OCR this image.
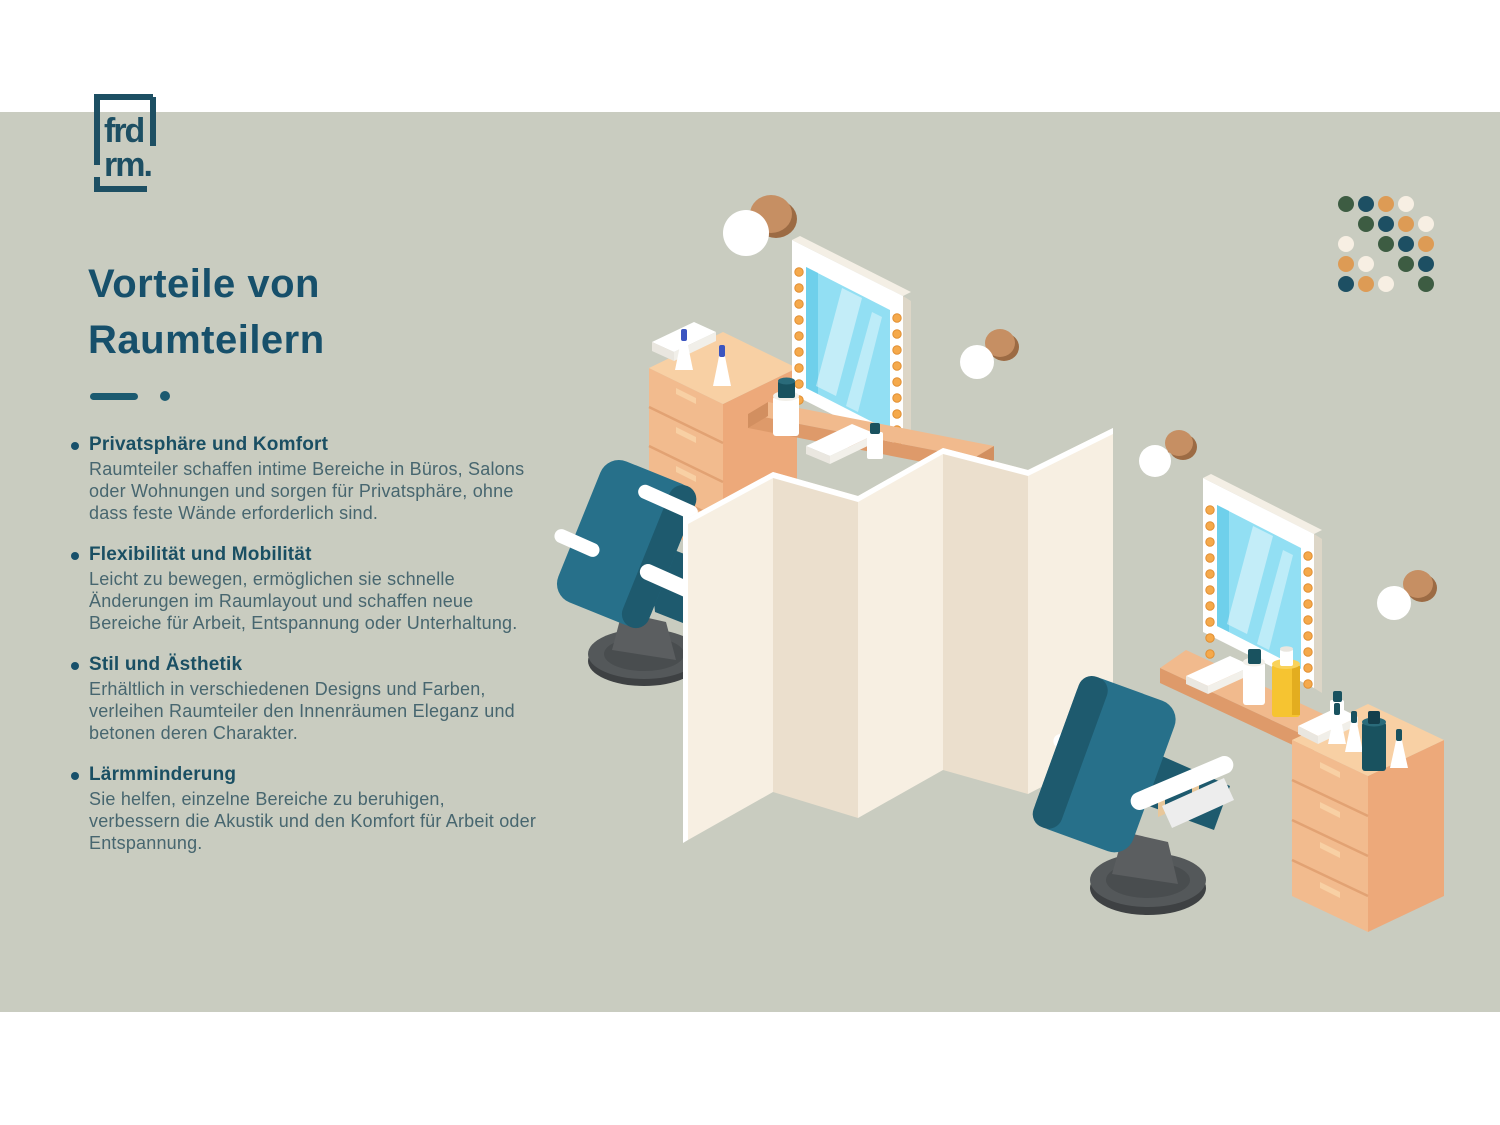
frd
rm.
Vorteile von
Raumteilern
Privatsphäre und Komfort

Raumteiler schaffen intime Bereiche in Büros, Salons oder Wohnungen und sorgen für Privatsphäre, ohne dass feste Wände erforderlich sind.

Flexibilität und Mobilität

Leicht zu bewegen, ermöglichen sie schnelle Änderungen im Raumlayout und schaffen neue Bereiche für Arbeit, Entspannung oder Unterhaltung.

Stil und Ästhetik

Erhältlich in verschiedenen Designs und Farben, verleihen Raumteiler den Innenräumen Eleganz und betonen deren Charakter.

Lärmminderung

Sie helfen, einzelne Bereiche zu beruhigen, verbessern die Akustik und den Komfort für Arbeit oder Entspannung.
